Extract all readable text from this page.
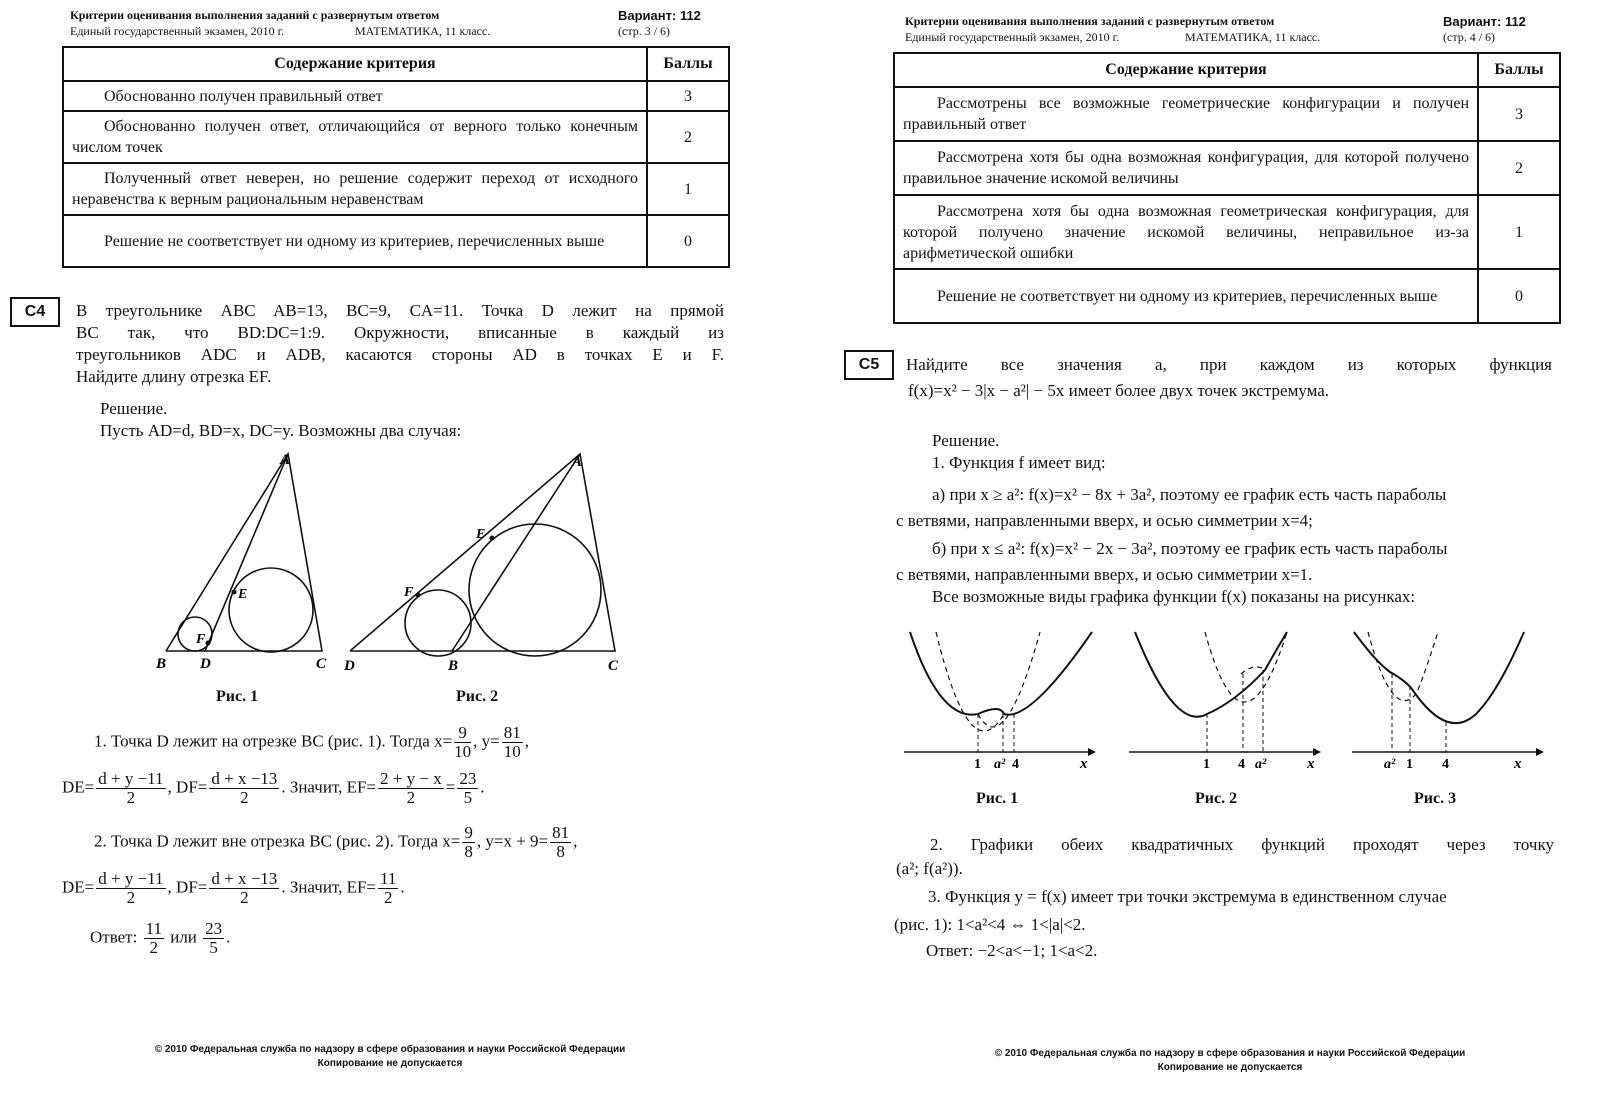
Критерии оценивания выполнения заданий с развернутым ответом
Единый государственный экзамен, 2010 г.	МАТЕМАТИКА, 11 класс.
Вариант: 112
(стр. 3 / 6)
Содержание критерия	Баллы
Обоснованно получен правильный ответ	3
Обоснованно получен ответ, отличающийся от верного только конечным числом точек	2
Полученный ответ неверен, но решение содержит переход от исходного неравенства к верным рациональным неравенствам	1
Решение не соответствует ни одному из критериев, перечисленных выше	0
C4	В треугольнике ABC AB=13, BC=9, CA=11. Точка D лежит на прямой
BC так, что BD:DC=1:9. Окружности, вписанные в каждый из
треугольников ADC и ADB, касаются стороны AD в точках E и F.
Найдите длину отрезка EF.
Решение.
Пусть AD=d, BD=x, DC=y. Возможны два случая:
A
B D	C
E
F
Рис. 1
A
D	B	C
E
F
Рис. 2
1. Точка D лежит на отрезке BC (рис. 1). Тогда $x= \frac{9}{10}$ , $y= \frac{81}{10}$ ,
$DE= \frac{d + y -11}{2}$ , $DF= \frac{d + x -13}{2}$ . Значит, $EF= \frac{2 + y - x}{2} = \frac{23}{5}$ .
2. Точка D лежит вне отрезка BC (рис. 2). Тогда $x= \frac{9}{8}$ , $y=x + 9= \frac{81}{8}$ ,
$DE= \frac{d + y -11}{2}$ , $DF= \frac{d + x -13}{2}$ . Значит, $EF= \frac{11}{2}$ .
Ответ: $\frac{11}{2}$ или $\frac{23}{5}$ .
© 2010 Федеральная служба по надзору в сфере образования и науки Российской Федерации
Копирование не допускается
Критерии оценивания выполнения заданий с развернутым ответом
Единый государственный экзамен, 2010 г.	МАТЕМАТИКА, 11 класс.
Вариант: 112
(стр. 4 / 6)
Содержание критерия	Баллы
Рассмотрены все возможные геометрические конфигурации и получен правильный ответ	3
Рассмотрена хотя бы одна возможная конфигурация, для которой получено правильное значение искомой величины	2
Рассмотрена хотя бы одна возможная геометрическая конфигурация, для которой получено значение искомой величины, неправильное из-за арифметической ошибки	1
Решение не соответствует ни одному из критериев, перечисленных выше	0
C5	Найдите все значения a, при каждом из которых функция
f(x)=x² − 3|x − a²| − 5x имеет более двух точек экстремума.
Решение.
1. Функция f имеет вид:
а) при x ≥ a²: f(x)=x² − 8x + 3a², поэтому ее график есть часть параболы
с ветвями, направленными вверх, и осью симметрии x=4;
б) при x ≤ a²: f(x)=x² − 2x − 3a², поэтому ее график есть часть параболы
с ветвями, направленными вверх, и осью симметрии x=1.
Все возможные виды графика функции f(x) показаны на рисунках:
1 a² 4	x
Рис. 1
1 4 a²	x
Рис. 2
a² 1 4	x
Рис. 3
2. Графики обеих квадратичных функций проходят через точку
(a²; f(a²)).
3. Функция y = f(x) имеет три точки экстремума в единственном случае
(рис. 1): 1<a²<4 ⇔ 1<|a|<2.
Ответ: −2<a<−1; 1<a<2.
© 2010 Федеральная служба по надзору в сфере образования и науки Российской Федерации
Копирование не допускается
